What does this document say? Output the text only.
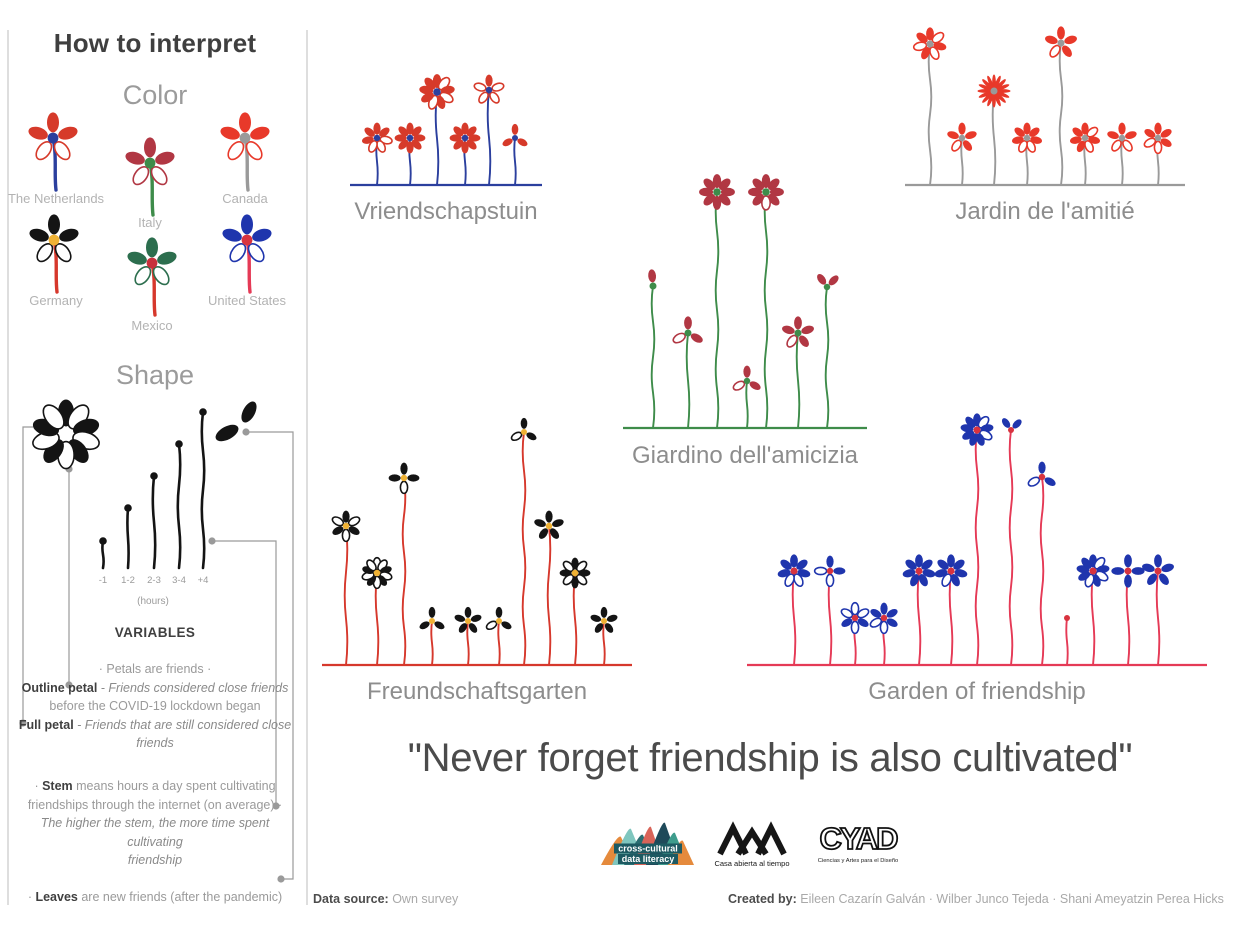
How to interpret
Color
Shape
-1 1-2 2-3 3-4 +4
(hours)
The Netherlands
Italy
Canada
Germany
Mexico
United States
VARIABLES
· Petals are friends ·
Outline petal - Friends considered close friends
before the COVID-19 lockdown began
Full petal - Friends that are still considered close
friends
· Stem means hours a day spent cultivating
friendships through the internet (on average) ·
The higher the stem, the more time spent cultivating
friendship
· Leaves are new friends (after the pandemic)
Vriendschapstuin	Jardin de l'amitié
Giardino dell'amicizia
Freundschaftsgarten	Garden of friendship
"Never forget friendship is also cultivated"
cross-cultural
data literacy	Casa abierta al tiempo
CYAD
Ciencias y Artes para el Diseño
Data source: Own survey	Created by: Eileen Cazarín Galván · Wilber Junco Tejeda · Shani Ameyatzin Perea Hicks
